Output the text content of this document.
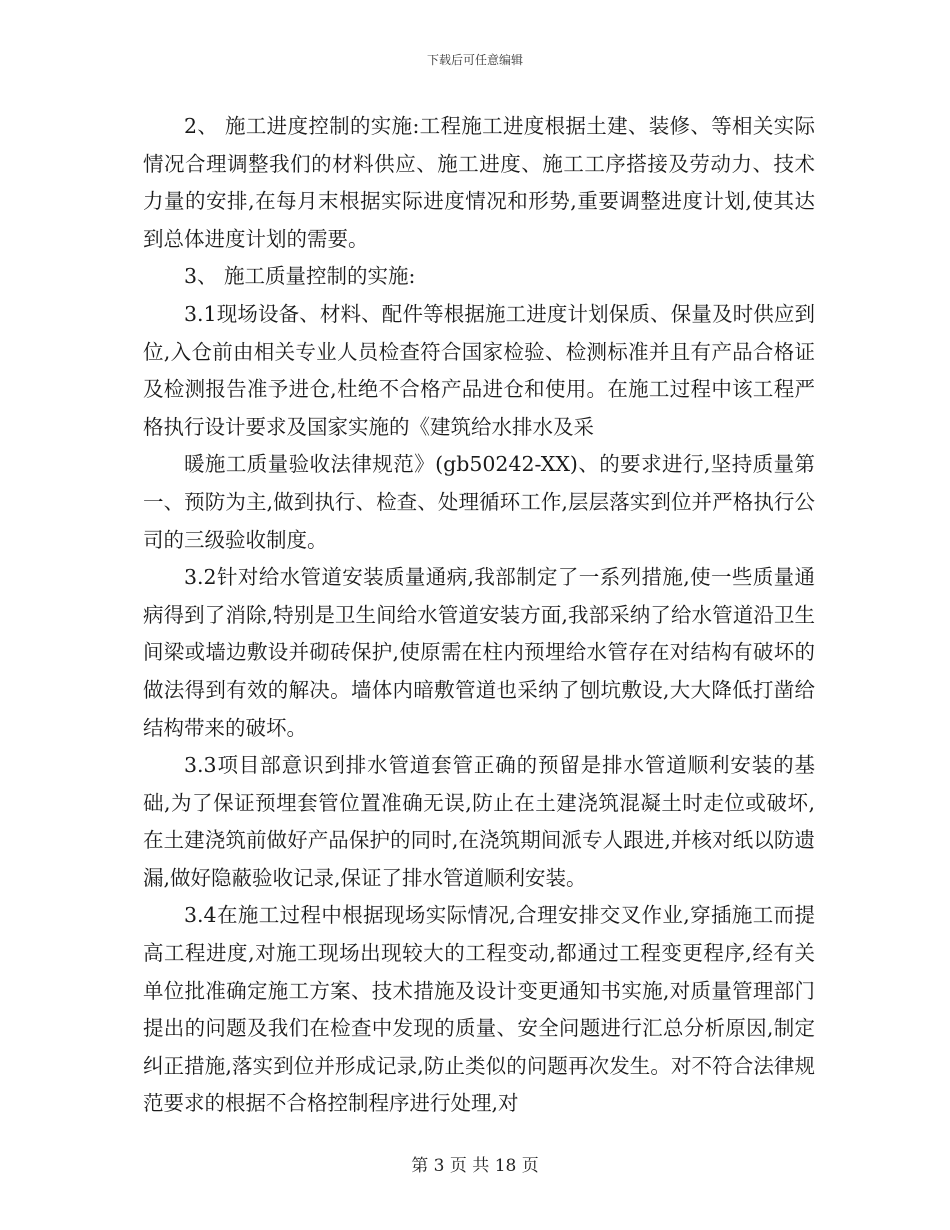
下载后可任意编辑

2、 施工进度控制的实施:工程施工进度根据土建、装修、等相关实际情况合理调整我们的材料供应、施工进度、施工工序搭接及劳动力、技术力量的安排,在每月末根据实际进度情况和形势,重要调整进度计划,使其达到总体进度计划的需要。

3、 施工质量控制的实施:

3.1现场设备、材料、配件等根据施工进度计划保质、保量及时供应到位,入仓前由相关专业人员检查符合国家检验、检测标准并且有产品合格证及检测报告准予进仓,杜绝不合格产品进仓和使用。在施工过程中该工程严格执行设计要求及国家实施的《建筑给水排水及采

暖施工质量验收法律规范》(gb50242-XX)、的要求进行,坚持质量第一、预防为主,做到执行、检查、处理循环工作,层层落实到位并严格执行公司的三级验收制度。

3.2针对给水管道安装质量通病,我部制定了一系列措施,使一些质量通病得到了消除,特别是卫生间给水管道安装方面,我部采纳了给水管道沿卫生间梁或墙边敷设并砌砖保护,使原需在柱内预埋给水管存在对结构有破坏的做法得到有效的解决。墙体内暗敷管道也采纳了刨坑敷设,大大降低打凿给结构带来的破坏。

3.3项目部意识到排水管道套管正确的预留是排水管道顺利安装的基础,为了保证预埋套管位置准确无误,防止在土建浇筑混凝土时走位或破坏,在土建浇筑前做好产品保护的同时,在浇筑期间派专人跟进,并核对纸以防遗漏,做好隐蔽验收记录,保证了排水管道顺利安装。

3.4在施工过程中根据现场实际情况,合理安排交叉作业,穿插施工而提高工程进度,对施工现场出现较大的工程变动,都通过工程变更程序,经有关单位批准确定施工方案、技术措施及设计变更通知书实施,对质量管理部门提出的问题及我们在检查中发现的质量、安全问题进行汇总分析原因,制定纠正措施,落实到位并形成记录,防止类似的问题再次发生。对不符合法律规范要求的根据不合格控制程序进行处理,对

第 3 页 共 18 页
